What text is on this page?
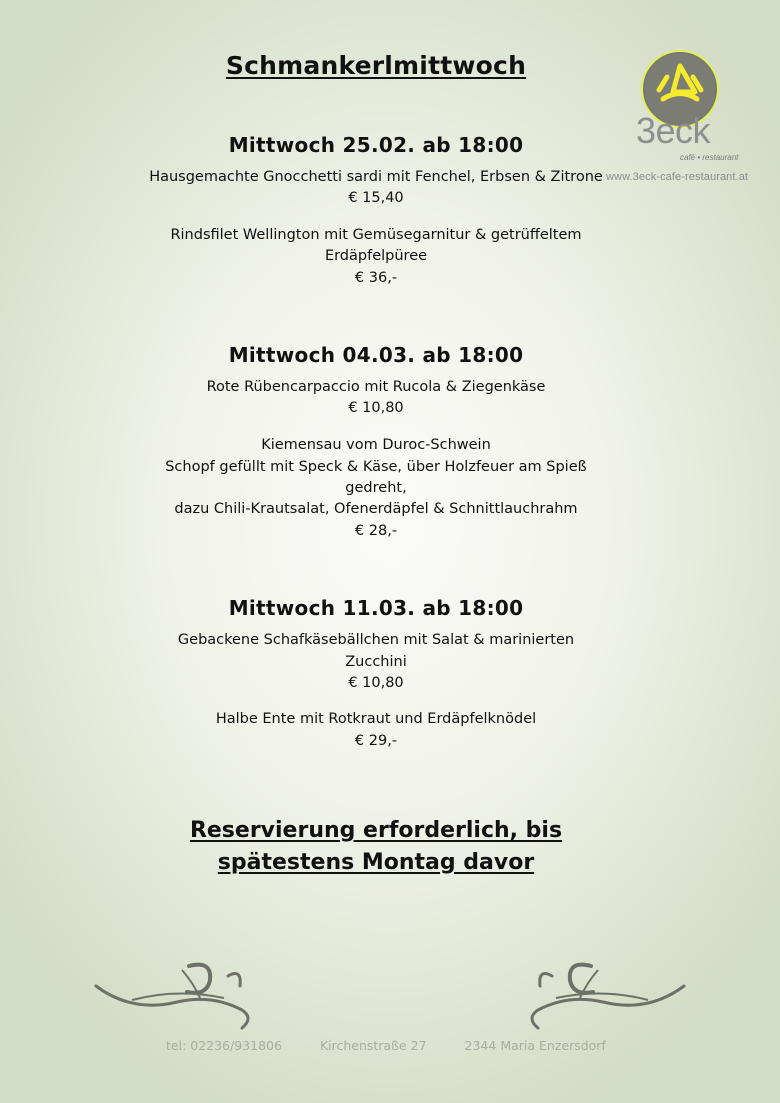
Schmankerlmittwoch
3eck
café • restaurant
www.3eck-cafe-restaurant.at
Mittwoch 25.02. ab 18:00
Hausgemachte Gnocchetti sardi mit Fenchel, Erbsen & Zitrone
€ 15,40
Rindsfilet Wellington mit Gemüsegarnitur & getrüffeltem
Erdäpfelpüree
€ 36,-
Mittwoch 04.03. ab 18:00
Rote Rübencarpaccio mit Rucola & Ziegenkäse
€ 10,80
Kiemensau vom Duroc-Schwein
Schopf gefüllt mit Speck & Käse, über Holzfeuer am Spieß
gedreht,
dazu Chili-Krautsalat, Ofenerdäpfel & Schnittlauchrahm
€ 28,-
Mittwoch 11.03. ab 18:00
Gebackene Schafkäsebällchen mit Salat & marinierten
Zucchini
€ 10,80
Halbe Ente mit Rotkraut und Erdäpfelknödel
€ 29,-
Reservierung erforderlich, bis
spätestens Montag davor
tel: 02236/931806	Kirchenstraße 27	2344 Maria Enzersdorf
